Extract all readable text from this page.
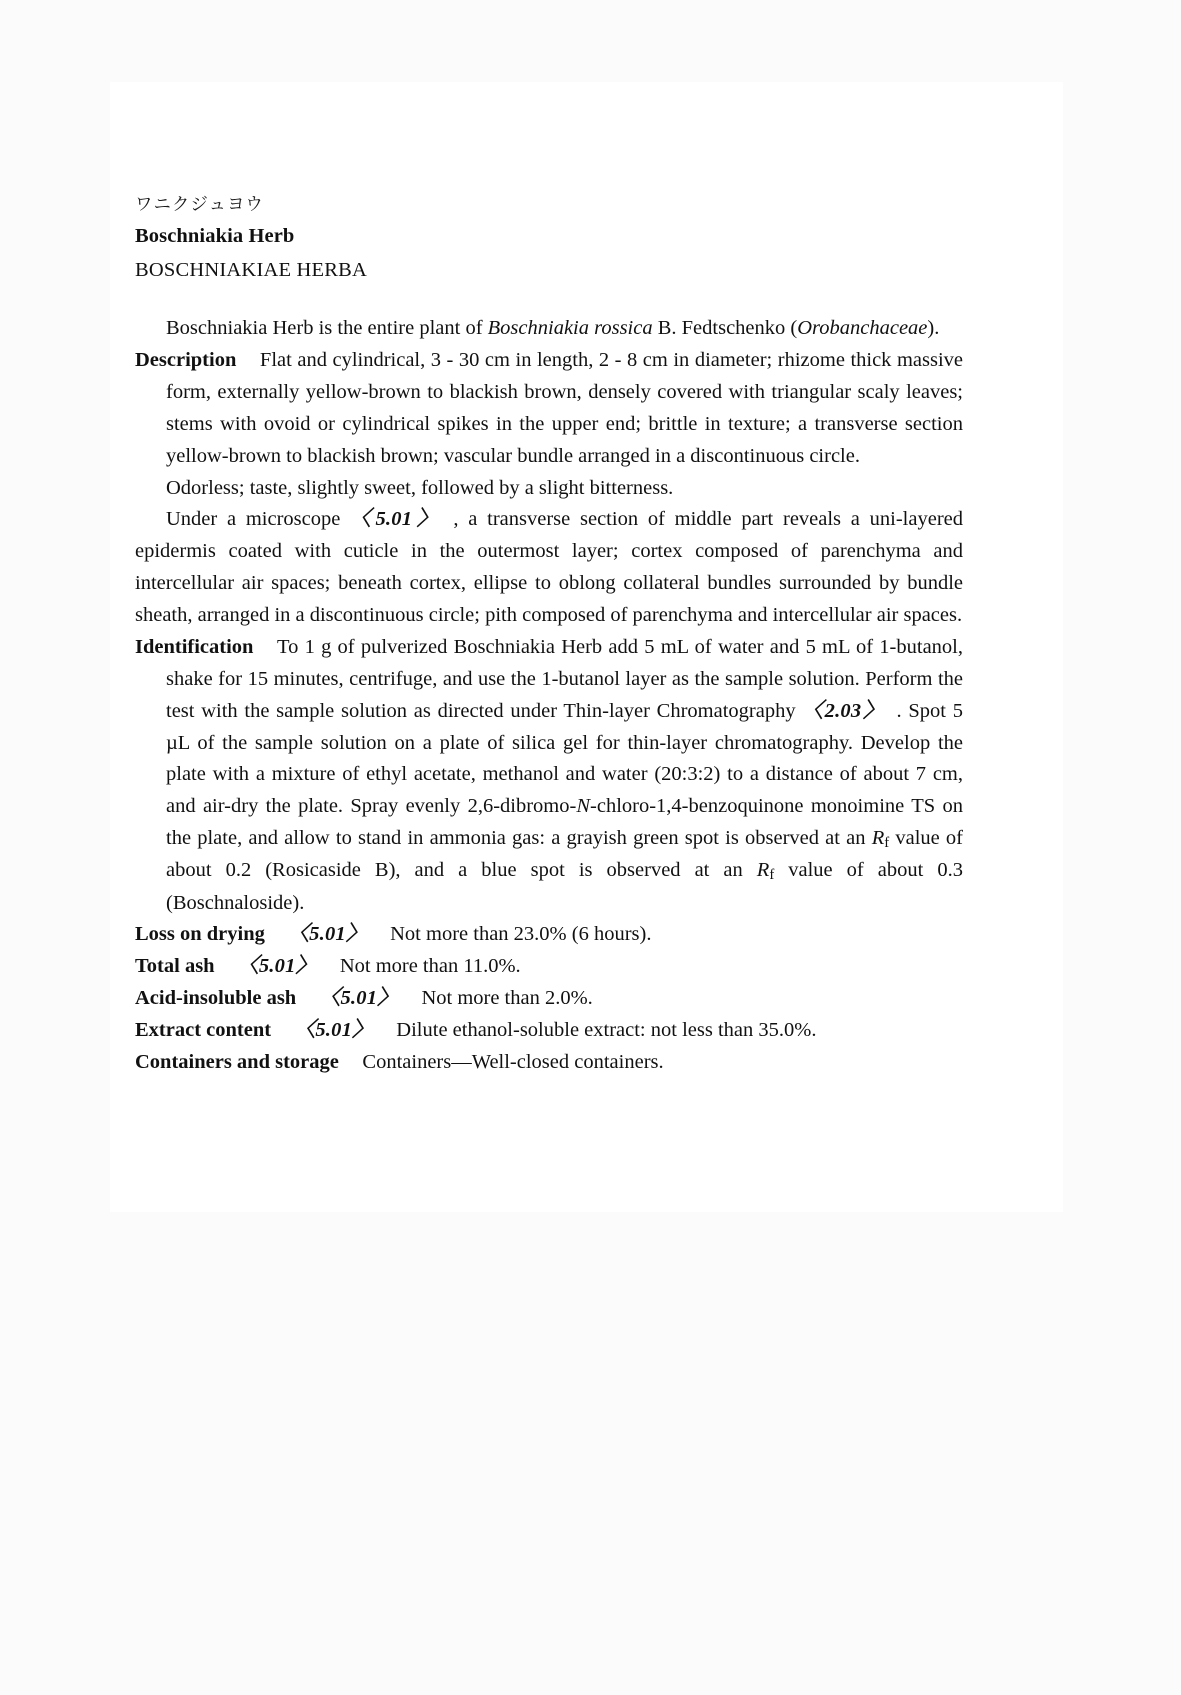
ワニクジュヨウ
Boschniakia Herb
BOSCHNIAKIAE HERBA

Boschniakia Herb is the entire plant of Boschniakia rossica B. Fedtschenko (Orobanchaceae).

Description Flat and cylindrical, 3 - 30 cm in length, 2 - 8 cm in diameter; rhizome thick massive form, externally yellow-brown to blackish brown, densely covered with triangular scaly leaves; stems with ovoid or cylindrical spikes in the upper end; brittle in texture; a transverse section yellow-brown to blackish brown; vascular bundle arranged in a discontinuous circle.

Odorless; taste, slightly sweet, followed by a slight bitterness.

Under a microscope 〈5.01〉 , a transverse section of middle part reveals a uni-layered epidermis coated with cuticle in the outermost layer; cortex composed of parenchyma and intercellular air spaces; beneath cortex, ellipse to oblong collateral bundles surrounded by bundle sheath, arranged in a discontinuous circle; pith composed of parenchyma and intercellular air spaces.

Identification To 1 g of pulverized Boschniakia Herb add 5 mL of water and 5 mL of 1-butanol, shake for 15 minutes, centrifuge, and use the 1-butanol layer as the sample solution. Perform the test with the sample solution as directed under Thin-layer Chromatography 〈2.03〉 . Spot 5 µL of the sample solution on a plate of silica gel for thin-layer chromatography. Develop the plate with a mixture of ethyl acetate, methanol and water (20:3:2) to a distance of about 7 cm, and air-dry the plate. Spray evenly 2,6-dibromo-N-chloro-1,4-benzoquinone monoimine TS on the plate, and allow to stand in ammonia gas: a grayish green spot is observed at an $R_f$ value of about 0.2 (Rosicaside B), and a blue spot is observed at an $R_f$ value of about 0.3 (Boschnaloside).

Loss on drying 〈5.01〉 Not more than 23.0% (6 hours).

Total ash 〈5.01〉 Not more than 11.0%.

Acid-insoluble ash 〈5.01〉 Not more than 2.0%.

Extract content 〈5.01〉 Dilute ethanol-soluble extract: not less than 35.0%.

Containers and storage Containers—Well-closed containers.
